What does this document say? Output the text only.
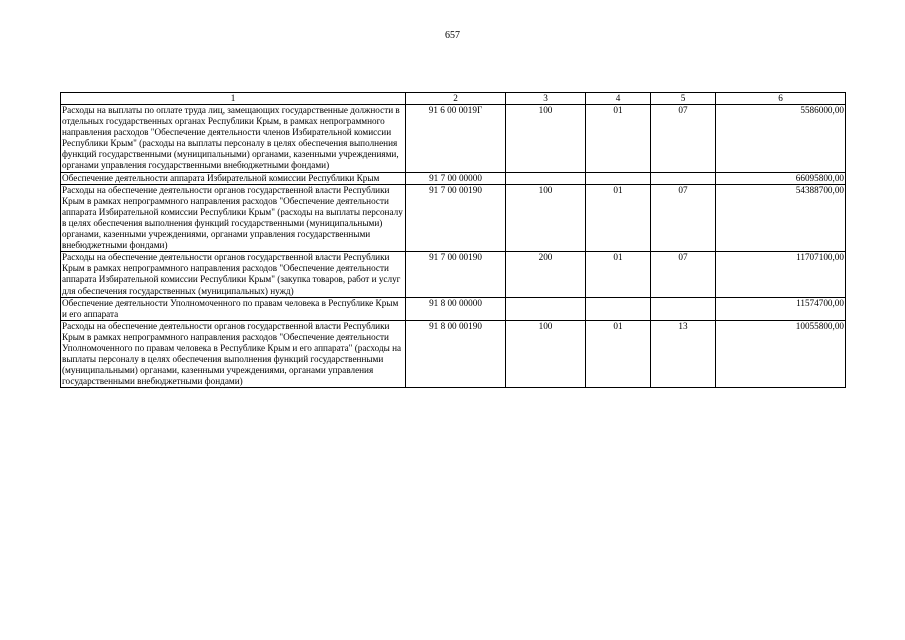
657
1	2	3	4	5	6
Расходы на выплаты по оплате труда лиц, замещающих государственные должности в отдельных государственных органах Республики Крым, в рамках непрограммного направления расходов "Обеспечение деятельности членов Избирательной комиссии Республики Крым" (расходы на выплаты персоналу в целях обеспечения выполнения функций государственными (муниципальными) органами, казенными учреждениями, органами управления государственными внебюджетными фондами)	91 6 00 0019Г	100	01	07	5586000,00
Обеспечение деятельности аппарата Избирательной комиссии Республики Крым	91 7 00 00000				66095800,00
Расходы на обеспечение деятельности органов государственной власти Республики Крым в рамках непрограммного направления расходов "Обеспечение деятельности аппарата Избирательной комиссии Республики Крым" (расходы на выплаты персоналу в целях обеспечения выполнения функций государственными (муниципальными) органами, казенными учреждениями, органами управления государственными внебюджетными фондами)	91 7 00 00190	100	01	07	54388700,00
Расходы на обеспечение деятельности органов государственной власти Республики Крым в рамках непрограммного направления расходов "Обеспечение деятельности аппарата Избирательной комиссии Республики Крым" (закупка товаров, работ и услуг для обеспечения государственных (муниципальных) нужд)	91 7 00 00190	200	01	07	11707100,00
Обеспечение деятельности Уполномоченного по правам человека в Республике Крым и его аппарата	91 8 00 00000				11574700,00
Расходы на обеспечение деятельности органов государственной власти Республики Крым в рамках непрограммного направления расходов "Обеспечение деятельности Уполномоченного по правам человека в Республике Крым и его аппарата" (расходы на выплаты персоналу в целях обеспечения выполнения функций государственными (муниципальными) органами, казенными учреждениями, органами управления государственными внебюджетными фондами)	91 8 00 00190	100	01	13	10055800,00
